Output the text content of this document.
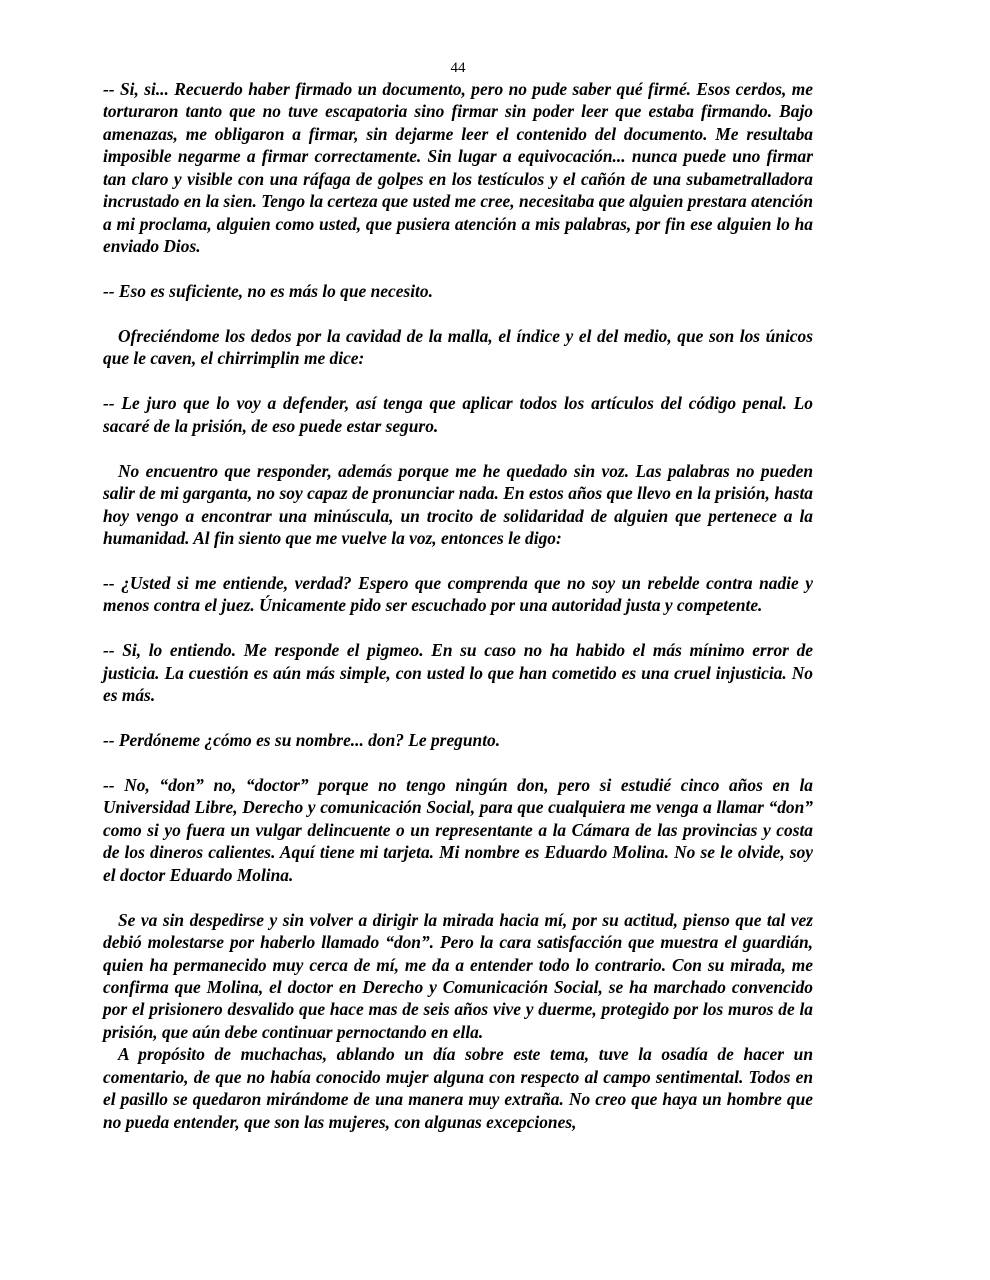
44

-- Si, si... Recuerdo haber firmado un documento, pero no pude saber qué firmé. Esos cerdos, me torturaron tanto que no tuve escapatoria sino firmar sin poder leer que estaba firmando. Bajo amenazas, me obligaron a firmar, sin dejarme leer el contenido del documento. Me resultaba imposible negarme a firmar correctamente. Sin lugar a equivocación... nunca puede uno firmar tan claro y visible con una ráfaga de golpes en los testículos y el cañón de una subametralladora incrustado en la sien. Tengo la certeza que usted me cree, necesitaba que alguien prestara atención a mi proclama, alguien como usted, que pusiera atención a mis palabras, por fin ese alguien lo ha enviado Dios.

-- Eso es suficiente, no es más lo que necesito.

Ofreciéndome los dedos por la cavidad de la malla, el índice y el del medio, que son los únicos que le caven, el chirrimplin me dice:

-- Le juro que lo voy a defender, así tenga que aplicar todos los artículos del código penal. Lo sacaré de la prisión, de eso puede estar seguro.

No encuentro que responder, además porque me he quedado sin voz. Las palabras no pueden salir de mi garganta, no soy capaz de pronunciar nada. En estos años que llevo en la prisión, hasta hoy vengo a encontrar una minúscula, un trocito de solidaridad de alguien que pertenece a la humanidad. Al fin siento que me vuelve la voz, entonces le digo:

-- ¿Usted si me entiende, verdad? Espero que comprenda que no soy un rebelde contra nadie y menos contra el juez. Únicamente pido ser escuchado por una autoridad justa y competente.

-- Si, lo entiendo. Me responde el pigmeo. En su caso no ha habido el más mínimo error de justicia. La cuestión es aún más simple, con usted lo que han cometido es una cruel injusticia. No es más.

-- Perdóneme ¿cómo es su nombre... don? Le pregunto.

-- No, “don” no, “doctor” porque no tengo ningún don, pero si estudié cinco años en la Universidad Libre, Derecho y comunicación Social, para que cualquiera me venga a llamar “don” como si yo fuera un vulgar delincuente o un representante a la Cámara de las provincias y costa de los dineros calientes. Aquí tiene mi tarjeta. Mi nombre es Eduardo Molina. No se le olvide, soy el doctor Eduardo Molina.

Se va sin despedirse y sin volver a dirigir la mirada hacia mí, por su actitud, pienso que tal vez debió molestarse por haberlo llamado “don”. Pero la cara satisfacción que muestra el guardián, quien ha permanecido muy cerca de mí, me da a entender todo lo contrario. Con su mirada, me confirma que Molina, el doctor en Derecho y Comunicación Social, se ha marchado convencido por el prisionero desvalido que hace mas de seis años vive y duerme, protegido por los muros de la prisión, que aún debe continuar pernoctando en ella.

A propósito de muchachas, ablando un día sobre este tema, tuve la osadía de hacer un comentario, de que no había conocido mujer alguna con respecto al campo sentimental. Todos en el pasillo se quedaron mirándome de una manera muy extraña. No creo que haya un hombre que no pueda entender, que son las mujeres, con algunas excepciones,
